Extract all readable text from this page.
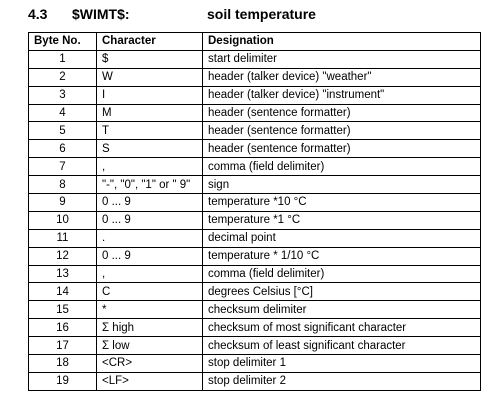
4.3 $WIMT$:	soil temperature
Byte No.	Character	Designation
1	$	start delimiter
2	W	header (talker device) "weather"
3	I	header (talker device) "instrument"
4	M	header (sentence formatter)
5	T	header (sentence formatter)
6	S	header (sentence formatter)
7	,	comma (field delimiter)
8	"-", "0", "1" or " 9"	sign
9	0 ... 9	temperature *10 °C
10	0 ... 9	temperature *1 °C
11	.	decimal point
12	0 ... 9	temperature * 1/10 °C
13	,	comma (field delimiter)
14	C	degrees Celsius [°C]
15	*	checksum delimiter
16	Σ high	checksum of most significant character
17	Σ low	checksum of least significant character
18	<CR>	stop delimiter 1
19	<LF>	stop delimiter 2
